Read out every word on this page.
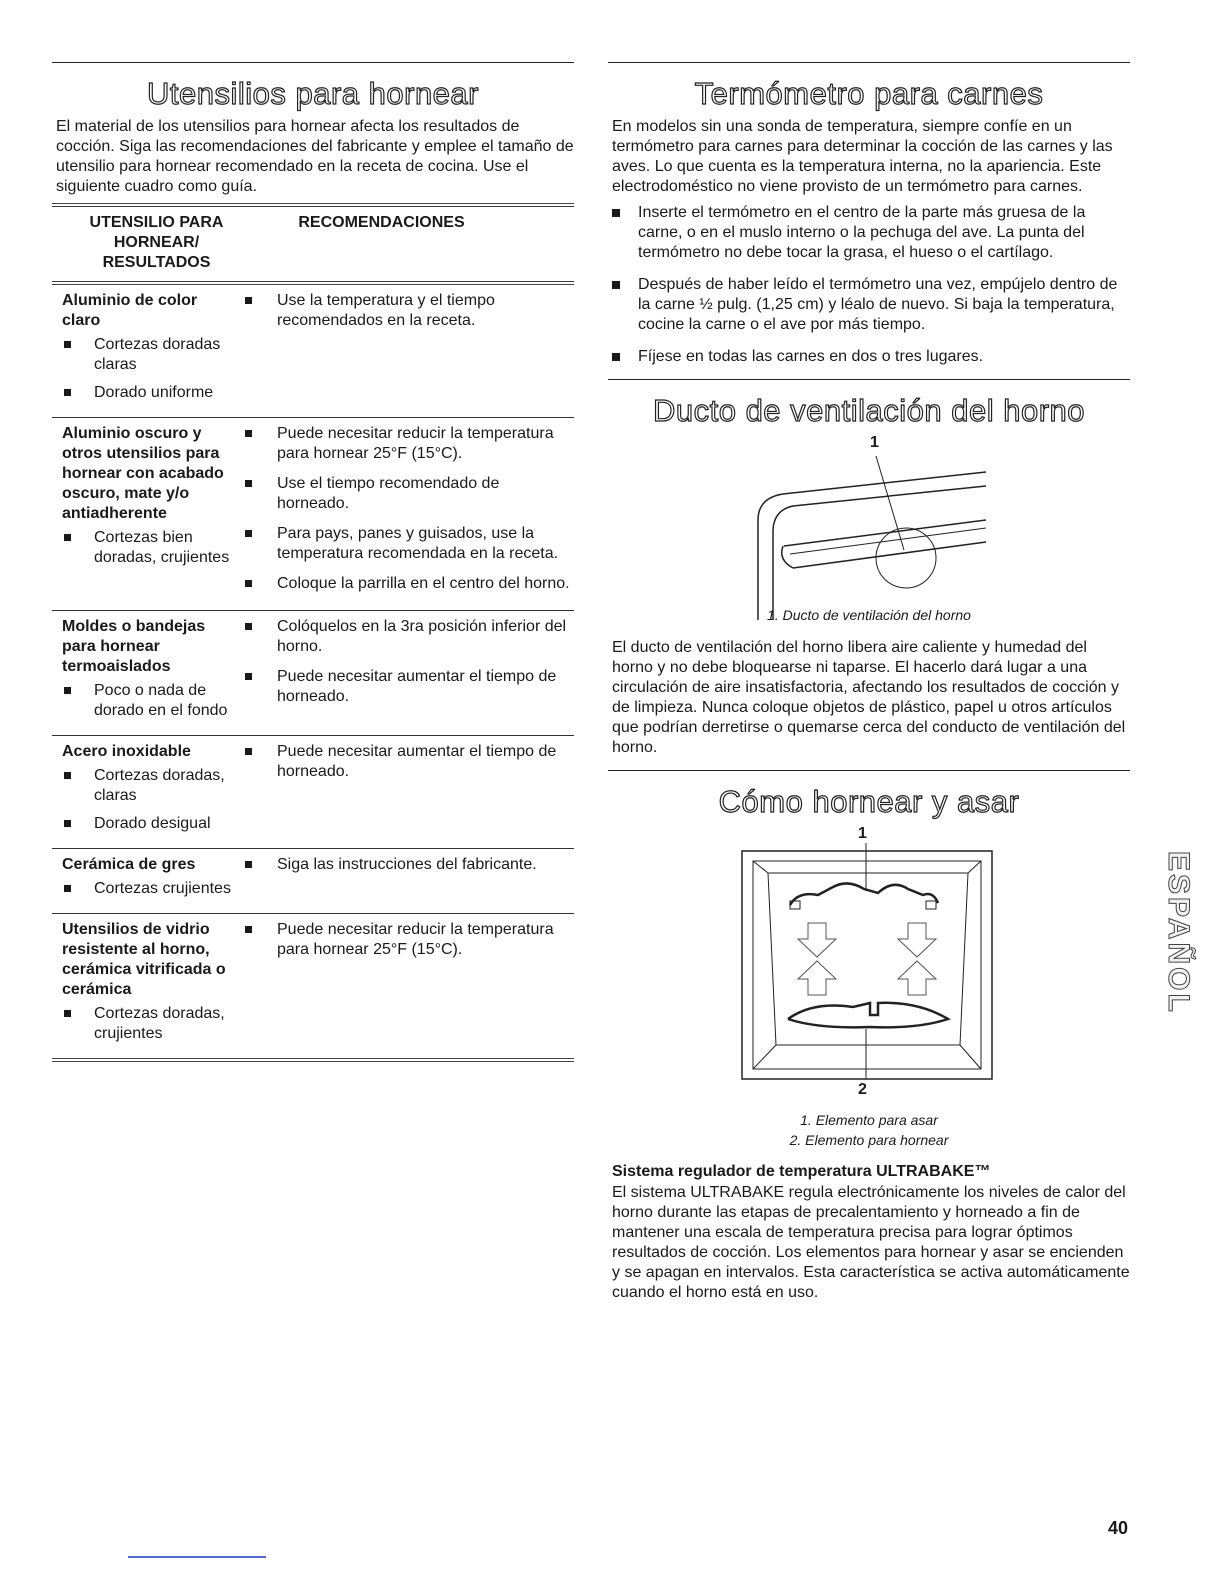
Utensilios para hornear

El material de los utensilios para hornear afecta los resultados de cocción. Siga las recomendaciones del fabricante y emplee el tamaño de utensilio para hornear recomendado en la receta de cocina. Use el siguiente cuadro como guía.

UTENSILIO PARA HORNEAR/ RESULTADOS
RECOMENDACIONES
Aluminio de color claro
Cortezas doradas claras
Dorado uniforme
Use la temperatura y el tiempo recomendados en la receta.
Aluminio oscuro y otros utensilios para hornear con acabado oscuro, mate y/o antiadherente
Cortezas bien doradas, crujientes
Puede necesitar reducir la temperatura para hornear 25°F (15°C).
Use el tiempo recomendado de horneado.
Para pays, panes y guisados, use la temperatura recomendada en la receta.
Coloque la parrilla en el centro del horno.
Moldes o bandejas para hornear termoaislados
Poco o nada de dorado en el fondo
Colóquelos en la 3ra posición inferior del horno.
Puede necesitar aumentar el tiempo de horneado.
Acero inoxidable
Cortezas doradas, claras
Dorado desigual
Puede necesitar aumentar el tiempo de horneado.
Cerámica de gres
Cortezas crujientes
Siga las instrucciones del fabricante.
Utensilios de vidrio resistente al horno, cerámica vitrificada o cerámica
Cortezas doradas, crujientes
Puede necesitar reducir la temperatura para hornear 25°F (15°C).
Termómetro para carnes

En modelos sin una sonda de temperatura, siempre confíe en un termómetro para carnes para determinar la cocción de las carnes y las aves. Lo que cuenta es la temperatura interna, no la apariencia. Este electrodoméstico no viene provisto de un termómetro para carnes.

Inserte el termómetro en el centro de la parte más gruesa de la carne, o en el muslo interno o la pechuga del ave. La punta del termómetro no debe tocar la grasa, el hueso o el cartílago.
Después de haber leído el termómetro una vez, empújelo dentro de la carne ½ pulg. (1,25 cm) y léalo de nuevo. Si baja la temperatura, cocine la carne o el ave por más tiempo.
Fíjese en todas las carnes en dos o tres lugares.
Ducto de ventilación del horno
1
1. Ducto de ventilación del horno

El ducto de ventilación del horno libera aire caliente y humedad del horno y no debe bloquearse ni taparse. El hacerlo dará lugar a una circulación de aire insatisfactoria, afectando los resultados de cocción y de limpieza. Nunca coloque objetos de plástico, papel u otros artículos que podrían derretirse o quemarse cerca del conducto de ventilación del horno.

Cómo hornear y asar
1
2
1. Elemento para asar
2. Elemento para hornear
Sistema regulador de temperatura ULTRABAKE™

El sistema ULTRABAKE regula electrónicamente los niveles de calor del horno durante las etapas de precalentamiento y horneado a fin de mantener una escala de temperatura precisa para lograr óptimos resultados de cocción. Los elementos para hornear y asar se encienden y se apagan en intervalos. Esta característica se activa automáticamente cuando el horno está en uso.

ESPAÑOL
40
